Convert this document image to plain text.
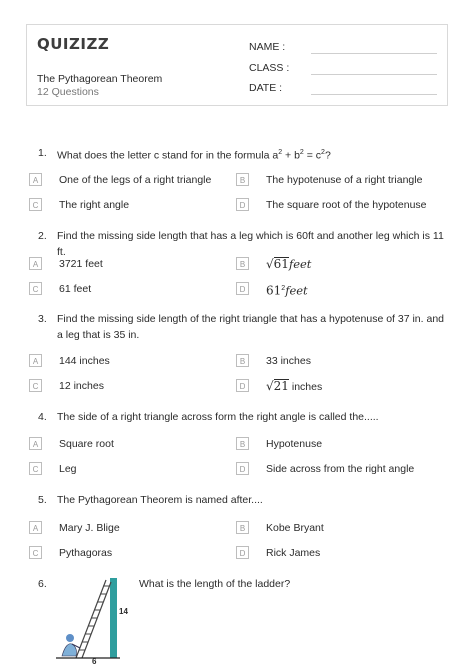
QUIZIZZ
The Pythagorean Theorem
12 Questions
NAME :
CLASS :
DATE :
1. What does the letter c stand for in the formula $a^2 + b^2 = c^2$?
A	One of the legs of a right triangle	B	The hypotenuse of a right triangle
C	The right angle	D	The square root of the hypotenuse
2. Find the missing side length that has a leg which is 60ft and another leg which is 11 ft.
A	3721 feet	B	√61feet
C	61 feet	D	$61^2feet$
3. Find the missing side length of the right triangle that has a hypotenuse of 37 in. and a leg that is 35 in.
A	144 inches	B	33 inches
C	12 inches	D	√21 inches
4. The side of a right triangle across form the right angle is called the.....
A	Square root	B	Hypotenuse
C	Leg	D	Side across from the right angle
5. The Pythagorean Theorem is named after....
A	Mary J. Blige	B	Kobe Bryant
C	Pythagoras	D	Rick James
6.	What is the length of the ladder?
14
6
